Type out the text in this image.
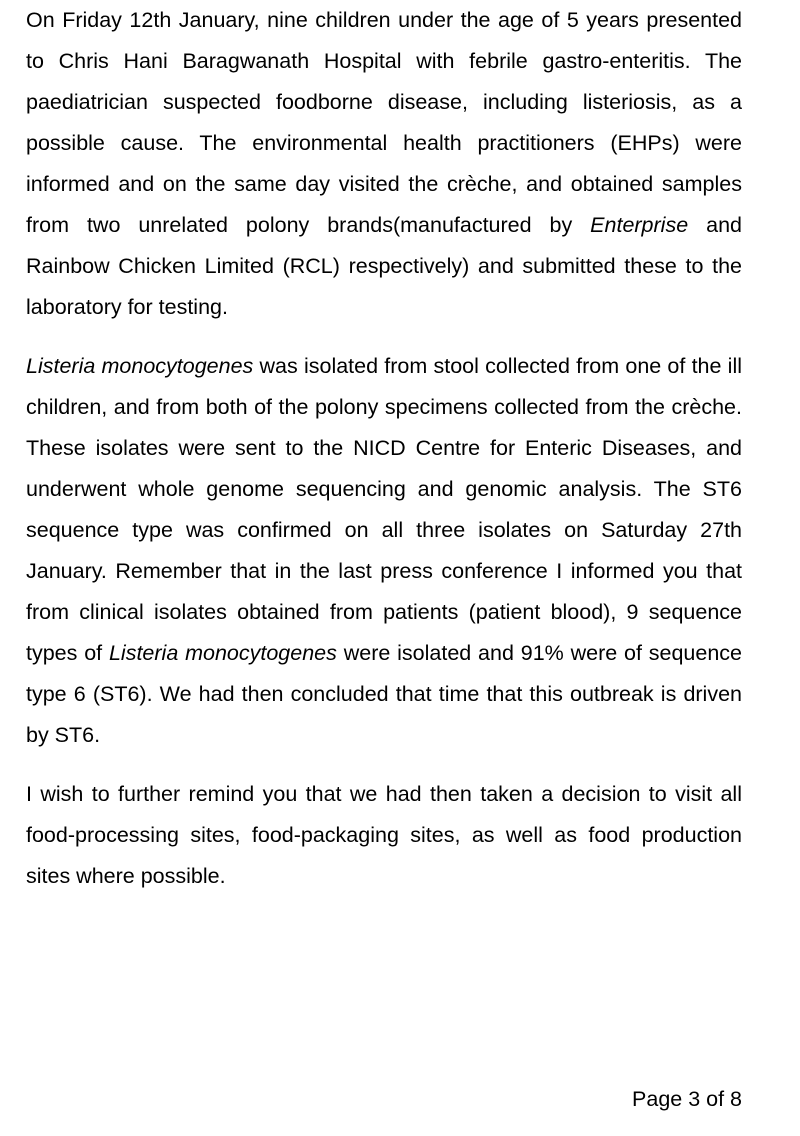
On Friday 12th January, nine children under the age of 5 years presented to Chris Hani Baragwanath Hospital with febrile gastro-enteritis. The paediatrician suspected foodborne disease, including listeriosis, as a possible cause. The environmental health practitioners (EHPs) were informed and on the same day visited the crèche, and obtained samples from two unrelated polony brands(manufactured by Enterprise and Rainbow Chicken Limited (RCL) respectively) and submitted these to the laboratory for testing.

Listeria monocytogenes was isolated from stool collected from one of the ill children, and from both of the polony specimens collected from the crèche. These isolates were sent to the NICD Centre for Enteric Diseases, and underwent whole genome sequencing and genomic analysis. The ST6 sequence type was confirmed on all three isolates on Saturday 27th January. Remember that in the last press conference I informed you that from clinical isolates obtained from patients (patient blood), 9 sequence types of Listeria monocytogenes were isolated and 91% were of sequence type 6 (ST6). We had then concluded that time that this outbreak is driven by ST6.

I wish to further remind you that we had then taken a decision to visit all food-processing sites, food-packaging sites, as well as food production sites where possible.

Page 3 of 8
